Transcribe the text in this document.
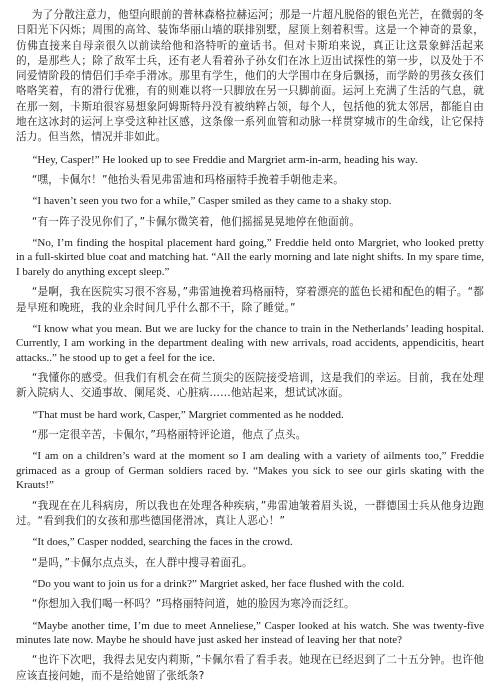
为了分散注意力，他望向眼前的普林森格拉赫运河；那是一片超凡脱俗的银色光芒，在微弱的冬日阳光下闪烁；周围的高耸、装饰华丽山墙的联排别墅，屋顶上刻着积雪。这是一个神奇的景象，仿佛直接来自母亲很久以前读给他和洛特听的童话书。但对卡斯珀来说，真正让这景象鲜活起来的，是那些人；除了敌军士兵，还有老人看着孙子孙女们在冰上迈出试探性的第一步，以及处于不同爱情阶段的情侣们手牵手滑冰。那里有学生，他们的大学围巾在身后飘扬，而学龄的男孩女孩们咯咯笑着，有的滑行优雅，有的则难以将一只脚放在另一只脚前面。运河上充满了生活的气息，就在那一刻，卡斯珀很容易想象阿姆斯特丹没有被纳粹占领，每个人，包括他的犹太邻居，都能自由地在这冰封的运河上享受这种社区感，这条像一系列血管和动脉一样贯穿城市的生命线，让它保持活力。但当然，情况并非如此。

“Hey, Casper!” He looked up to see Freddie and Margriet arm-in-arm, heading his way.

“嘿，卡佩尔！”他抬头看见弗雷迪和玛格丽特手挽着手朝他走来。

“I haven’t seen you two for a while,” Casper smiled as they came to a shaky stop.

“有一阵子没见你们了，”卡佩尔微笑着，他们摇摇晃晃地停在他面前。

“No, I’m finding the hospital placement hard going,” Freddie held onto Margriet, who looked pretty in a full-skirted blue coat and matching hat. “All the early morning and late night shifts. In my spare time, I barely do anything except sleep.”

“是啊，我在医院实习很不容易，”弗雷迪挽着玛格丽特，穿着漂亮的蓝色长裙和配色的帽子。“都是早班和晚班，我的业余时间几乎什么都不干，除了睡觉。”

“I know what you mean. But we are lucky for the chance to train in the Netherlands’ leading hospital. Currently, I am working in the department dealing with new arrivals, road accidents, appendicitis, heart attacks..” he stood up to get a feel for the ice.

“我懂你的感受。但我们有机会在荷兰顶尖的医院接受培训，这是我们的幸运。目前，我在处理新入院病人、交通事故、阑尾炎、心脏病……他站起来，想试试冰面。

“That must be hard work, Casper,” Margriet commented as he nodded.

“那一定很辛苦，卡佩尔，”玛格丽特评论道，他点了点头。

“I am on a children’s ward at the moment so I am dealing with a variety of ailments too,” Freddie grimaced as a group of German soldiers raced by. “Makes you sick to see our girls skating with the Krauts!”

“我现在在儿科病房，所以我也在处理各种疾病，”弗雷迪皱着眉头说，一群德国士兵从他身边跑过。“看到我们的女孩和那些德国佬滑冰，真让人恶心！”

“It does,” Casper nodded, searching the faces in the crowd.

“是吗，”卡佩尔点点头，在人群中搜寻着面孔。

“Do you want to join us for a drink?” Margriet asked, her face flushed with the cold.

“你想加入我们喝一杯吗？”玛格丽特问道，她的脸因为寒冷而泛红。

“Maybe another time, I’m due to meet Anneliese,” Casper looked at his watch. She was twenty-five minutes late now. Maybe he should have just asked her instead of leaving her that note?

“也许下次吧，我得去见安内莉斯，”卡佩尔看了看手表。她现在已经迟到了二十五分钟。也许他应该直接问她，而不是给她留了张纸条?
